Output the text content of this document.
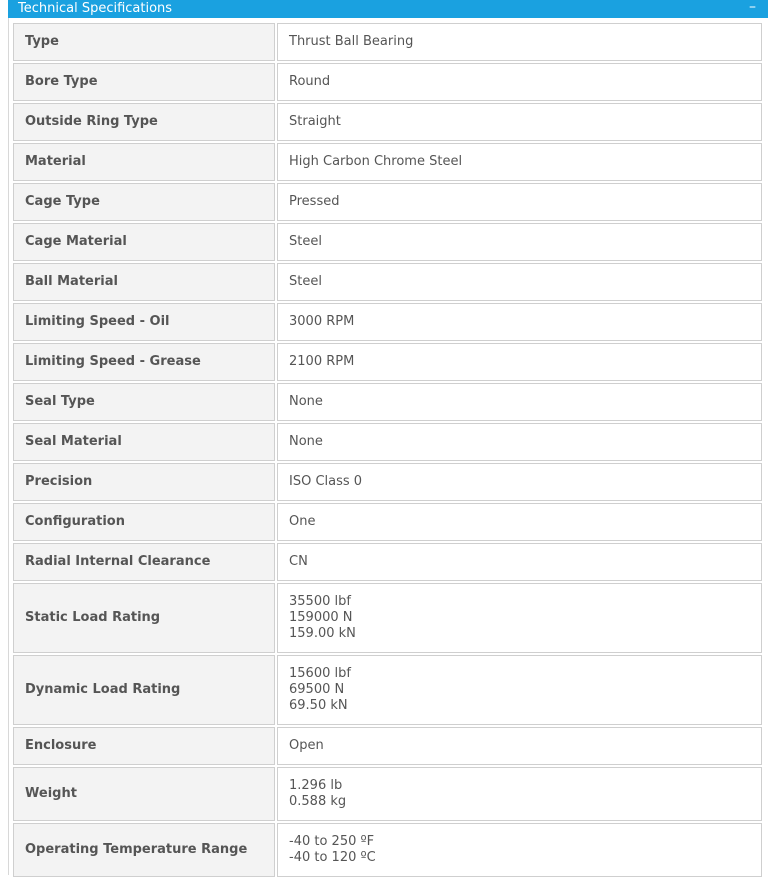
Technical Specifications	–
Type	Thrust Ball Bearing

Bore Type	Round

Outside Ring Type	Straight

Material	High Carbon Chrome Steel

Cage Type	Pressed

Cage Material	Steel

Ball Material	Steel

Limiting Speed - Oil	3000 RPM

Limiting Speed - Grease	2100 RPM

Seal Type	None

Seal Material	None

Precision	ISO Class 0

Configuration	One

Radial Internal Clearance	CN

Static Load Rating	35500 lbf
159000 N
159.00 kN

Dynamic Load Rating	15600 lbf
69500 N
69.50 kN

Enclosure	Open

Weight	1.296 lb
0.588 kg

Operating Temperature Range	-40 to 250 ºF
-40 to 120 ºC
